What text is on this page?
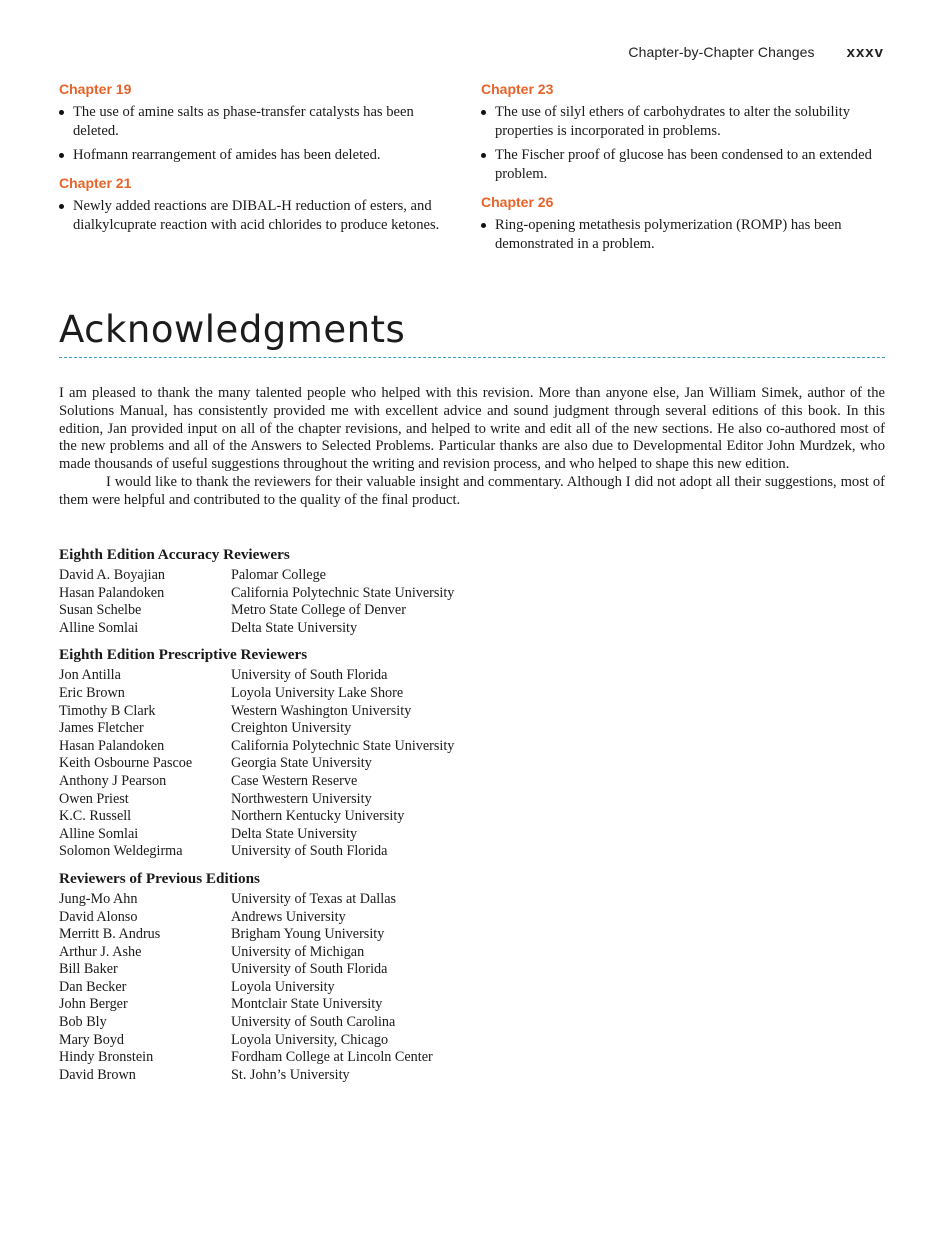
Chapter-by-Chapter Changes xxxv
Chapter 19
The use of amine salts as phase-transfer catalysts has been deleted.
Hofmann rearrangement of amides has been deleted.
Chapter 21
Newly added reactions are DIBAL-H reduction of esters, and dialkylcuprate reaction with acid chlorides to produce ketones.
Chapter 23
The use of silyl ethers of carbohydrates to alter the solubility properties is incorporated in problems.
The Fischer proof of glucose has been condensed to an extended problem.
Chapter 26
Ring-opening metathesis polymerization (ROMP) has been demonstrated in a problem.
Acknowledgments

I am pleased to thank the many talented people who helped with this revision. More than anyone else, Jan William Simek, author of the Solutions Manual, has consistently provided me with excellent advice and sound judgment through several editions of this book. In this edition, Jan provided input on all of the chapter revisions, and helped to write and edit all of the new sections. He also co-authored most of the new problems and all of the Answers to Selected Problems. Particular thanks are also due to Developmental Editor John Murdzek, who made thousands of useful suggestions throughout the writing and revision process, and who helped to shape this new edition.

I would like to thank the reviewers for their valuable insight and commentary. Although I did not adopt all their suggestions, most of them were helpful and contributed to the quality of the final product.

Eighth Edition Accuracy Reviewers
David A. Boyajian	Palomar College
Hasan Palandoken	California Polytechnic State University
Susan Schelbe	Metro State College of Denver
Alline Somlai	Delta State University
Eighth Edition Prescriptive Reviewers
Jon Antilla	University of South Florida
Eric Brown	Loyola University Lake Shore
Timothy B Clark	Western Washington University
James Fletcher	Creighton University
Hasan Palandoken	California Polytechnic State University
Keith Osbourne Pascoe	Georgia State University
Anthony J Pearson	Case Western Reserve
Owen Priest	Northwestern University
K.C. Russell	Northern Kentucky University
Alline Somlai	Delta State University
Solomon Weldegirma	University of South Florida
Reviewers of Previous Editions
Jung-Mo Ahn	University of Texas at Dallas
David Alonso	Andrews University
Merritt B. Andrus	Brigham Young University
Arthur J. Ashe	University of Michigan
Bill Baker	University of South Florida
Dan Becker	Loyola University
John Berger	Montclair State University
Bob Bly	University of South Carolina
Mary Boyd	Loyola University, Chicago
Hindy Bronstein	Fordham College at Lincoln Center
David Brown	St. John’s University
